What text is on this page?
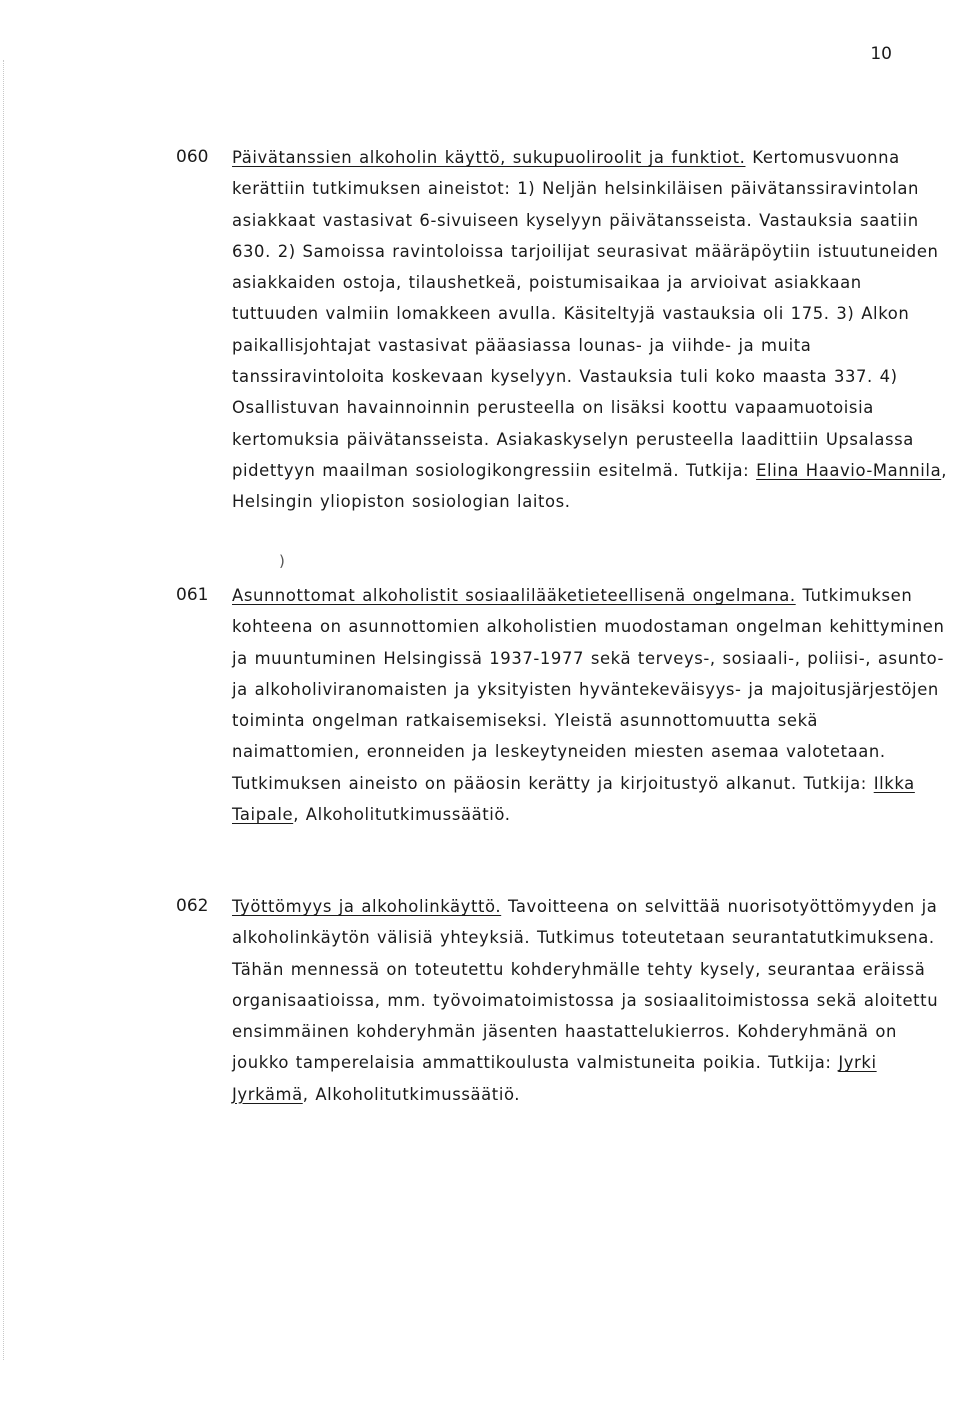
10
060 Päivätanssien alkoholin käyttö, sukupuoliroolit ja funktiot. Kertomusvuonna kerättiin tutkimuksen aineistot: 1) Neljän helsinkiläisen päivätanssiravintolan asiakkaat vastasivat 6-sivuiseen kyselyyn päivätansseista. Vastauksia saatiin 630. 2) Samoissa ravintoloissa tarjoilijat seurasivat määräpöytiin istuutuneiden asiakkaiden ostoja, tilaushetkeä, poistumisaikaa ja arvioivat asiakkaan tuttuuden valmiin lomakkeen avulla. Käsiteltyjä vastauksia oli 175. 3) Alkon paikallisjohtajat vastasivat pääasiassa lounas- ja viihde- ja muita tanssiravintoloita koskevaan kyselyyn. Vastauksia tuli koko maasta 337. 4) Osallistuvan havainnoinnin perusteella on lisäksi koottu vapaamuotoisia kertomuksia päivätansseista. Asiakaskyselyn perusteella laadittiin Upsalassa pidettyyn maailman sosiologikongressiin esitelmä. Tutkija: Elina Haavio-Mannila, Helsingin yliopiston sosiologian laitos.
)
061 Asunnottomat alkoholistit sosiaalilääketieteellisenä ongelmana. Tutkimuksen kohteena on asunnottomien alkoholistien muodostaman ongelman kehittyminen ja muuntuminen Helsingissä 1937-1977 sekä terveys-, sosiaali-, poliisi-, asunto- ja alkoholiviranomaisten ja yksityisten hyväntekeväisyys- ja majoitusjärjestöjen toiminta ongelman ratkaisemiseksi. Yleistä asunnottomuutta sekä naimattomien, eronneiden ja leskeytyneiden miesten asemaa valotetaan. Tutkimuksen aineisto on pääosin kerätty ja kirjoitustyö alkanut. Tutkija: Ilkka Taipale, Alkoholitutkimussäätiö.
062 Työttömyys ja alkoholinkäyttö. Tavoitteena on selvittää nuorisotyöttömyyden ja alkoholinkäytön välisiä yhteyksiä. Tutkimus toteutetaan seurantatutkimuksena. Tähän mennessä on toteutettu kohderyhmälle tehty kysely, seurantaa eräissä organisaatioissa, mm. työvoimatoimistossa ja sosiaalitoimistossa sekä aloitettu ensimmäinen kohderyhmän jäsenten haastattelukierros. Kohderyhmänä on joukko tamperelaisia ammattikoulusta valmistuneita poikia. Tutkija: Jyrki Jyrkämä, Alkoholitutkimussäätiö.
